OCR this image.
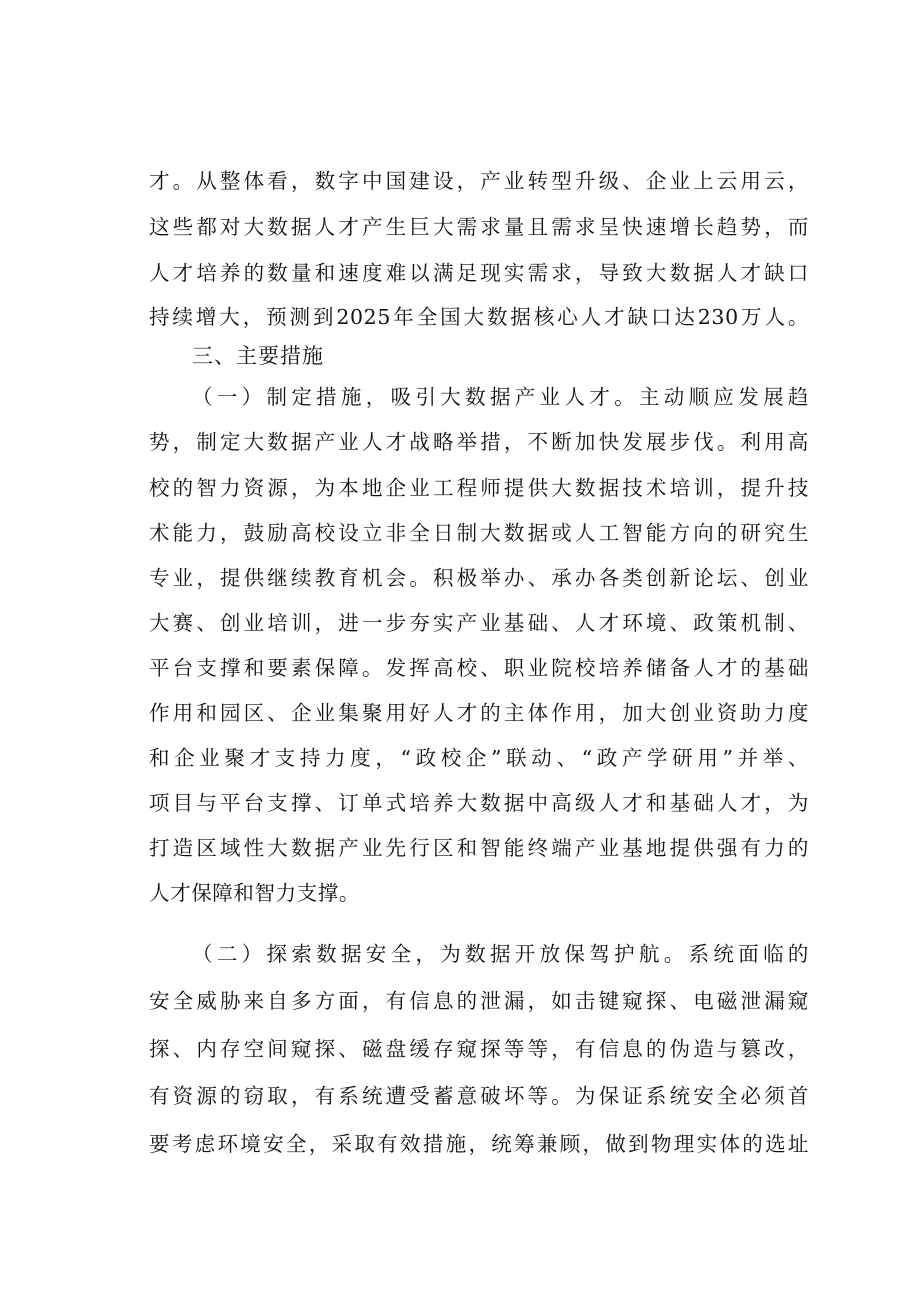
才。从整体看，数字中国建设，产业转型升级、企业上云用云，
这些都对大数据人才产生巨大需求量且需求呈快速增长趋势，而
人才培养的数量和速度难以满足现实需求，导致大数据人才缺口
持续增大，预测到2025年全国大数据核心人才缺口达230万人。
三、主要措施
（一）制定措施，吸引大数据产业人才。主动顺应发展趋
势，制定大数据产业人才战略举措，不断加快发展步伐。利用高
校的智力资源，为本地企业工程师提供大数据技术培训，提升技
术能力，鼓励高校设立非全日制大数据或人工智能方向的研究生
专业，提供继续教育机会。积极举办、承办各类创新论坛、创业
大赛、创业培训，进一步夯实产业基础、人才环境、政策机制、
平台支撑和要素保障。发挥高校、职业院校培养储备人才的基础
作用和园区、企业集聚用好人才的主体作用，加大创业资助力度
和企业聚才支持力度，“政校企”联动、“政产学研用”并举、
项目与平台支撑、订单式培养大数据中高级人才和基础人才，为
打造区域性大数据产业先行区和智能终端产业基地提供强有力的
人才保障和智力支撑。
（二）探索数据安全，为数据开放保驾护航。系统面临的
安全威胁来自多方面，有信息的泄漏，如击键窥探、电磁泄漏窥
探、内存空间窥探、磁盘缓存窥探等等，有信息的伪造与篡改，
有资源的窃取，有系统遭受蓄意破坏等。为保证系统安全必须首
要考虑环境安全，采取有效措施，统筹兼顾，做到物理实体的选址
